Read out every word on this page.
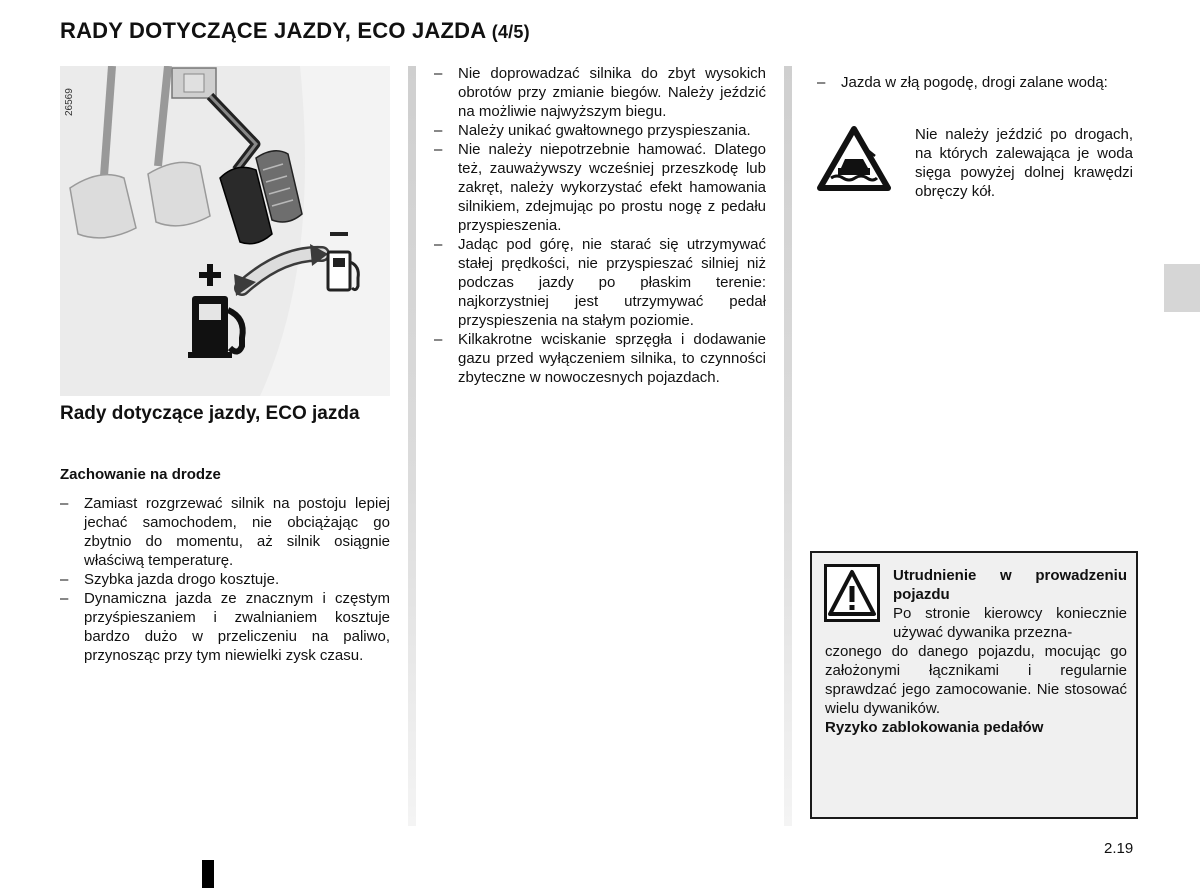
RADY DOTYCZĄCE JAZDY, ECO JAZDA (4/5)
26569
Rady dotyczące jazdy, ECO jazda
Zachowanie na drodze
– Zamiast rozgrzewać silnik na postoju lepiej jechać samochodem, nie obciążając go zbytnio do momentu, aż silnik osiągnie właściwą temperaturę.
– Szybka jazda drogo kosztuje.
– Dynamiczna jazda ze znacznym i częstym przyśpieszaniem i zwalnianiem kosztuje bardzo dużo w przeliczeniu na paliwo, przynosząc przy tym niewielki zysk czasu.
– Nie doprowadzać silnika do zbyt wysokich obrotów przy zmianie biegów. Należy jeździć na możliwie najwyższym biegu.
– Należy unikać gwałtownego przyspieszania.
– Nie należy niepotrzebnie hamować. Dlatego też, zauważywszy wcześniej przeszkodę lub zakręt, należy wykorzystać efekt hamowania silnikiem, zdejmując po prostu nogę z pedału przyspieszenia.
– Jadąc pod górę, nie starać się utrzymywać stałej prędkości, nie przyspieszać silniej niż podczas jazdy po płaskim terenie: najkorzystniej jest utrzymywać pedał przyspieszenia na stałym poziomie.
– Kilkakrotne wciskanie sprzęgła i dodawanie gazu przed wyłączeniem silnika, to czynności zbyteczne w nowoczesnych pojazdach.
– Jazda w złą pogodę, drogi zalane wodą:

Nie należy jeździć po drogach, na których zalewająca je woda sięga powyżej dolnej krawędzi obręczy kół.

Utrudnienie w prowadzeniu pojazdu

Po stronie kierowcy koniecznie używać dywanika przezna-

czonego do danego pojazdu, mocując go założonymi łącznikami i regularnie sprawdzać jego zamocowanie. Nie stosować wielu dywaników.

Ryzyko zablokowania pedałów

2.19
